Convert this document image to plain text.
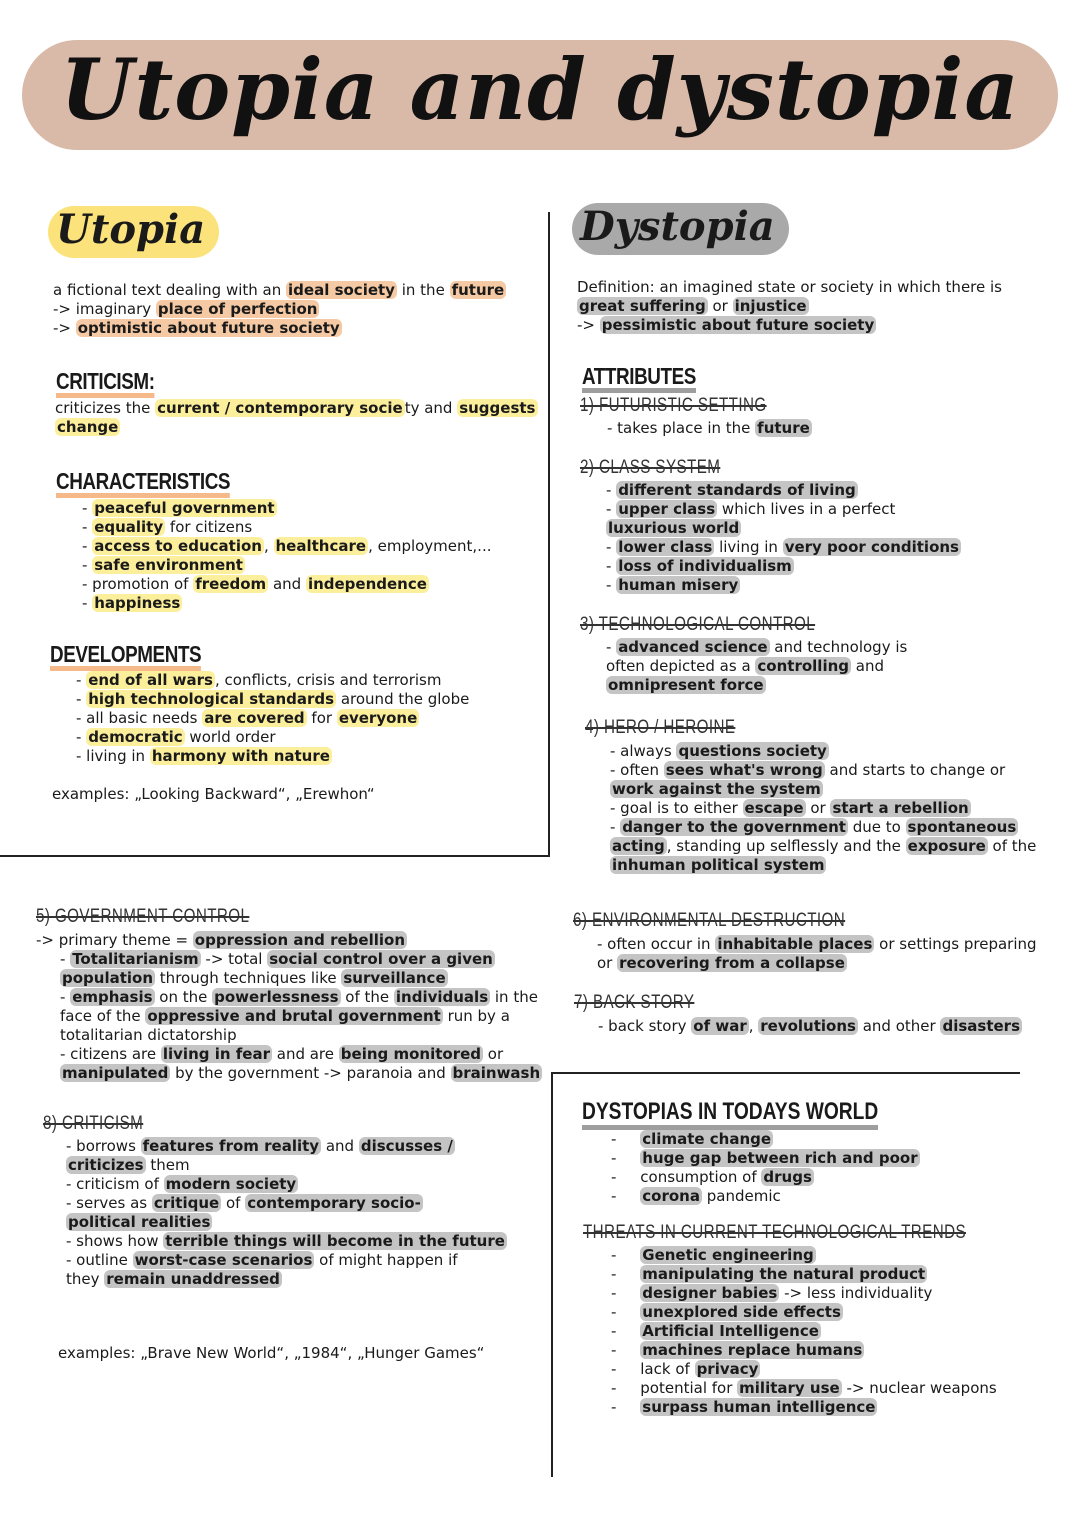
Utopia and dystopia
Utopia
a fictional text dealing with an ideal society in the future
-> imaginary place of perfection
-> optimistic about future society
CRITICISM:
criticizes the current / contemporary socie ty and suggests
change
CHARACTERISTICS
- peaceful government
- equality for citizens
- access to education , healthcare , employment,...
- safe environment
- promotion of freedom and independence
- happiness
DEVELOPMENTS
- end of all wars , conflicts, crisis and terrorism
- high technological standards around the globe
- all basic needs are covered for everyone
- democratic world order
- living in harmony with nature
examples: „Looking Backward“, „Erewhon“
Dystopia
Definition: an imagined state or society in which there is
great suffering or injustice
-> pessimistic about future society
ATTRIBUTES
1) FUTURISTIC SETTING
- takes place in the future
2) CLASS SYSTEM
- different standards of living
- upper class which lives in a perfect
luxurious world
- lower class living in very poor conditions
- loss of individualism
- human misery
3) TECHNOLOGICAL CONTROL
- advanced science and technology is
often depicted as a controlling and
omnipresent force
4) HERO / HEROINE
- always questions society
- often sees what's wrong and starts to change or
work against the system
- goal is to either escape or start a rebellion
- danger to the government due to spontaneous
acting , standing up selflessly and the exposure of the
inhuman political system
5) GOVERNMENT CONTROL
-> primary theme = oppression and rebellion
- Totalitarianism -> total social control over a given
population through techniques like surveillance
- emphasis on the powerlessness of the individuals in the
face of the oppressive and brutal government run by a
totalitarian dictatorship
- citizens are living in fear and are being monitored or
manipulated by the government -> paranoia and brainwash
8) CRITICISM
- borrows features from reality and discusses /
criticizes them
- criticism of modern society
- serves as critique of contemporary socio-
political realities
- shows how terrible things will become in the future
- outline worst-case scenarios of might happen if
they remain unaddressed
examples: „Brave New World“, „1984“, „Hunger Games“
6) ENVIRONMENTAL DESTRUCTION
- often occur in inhabitable places or settings preparing
or recovering from a collapse
7) BACK STORY
- back story of war , revolutions and other disasters
DYSTOPIAS IN TODAYS WORLD
-     climate change
-     huge gap between rich and poor
-     consumption of drugs
-     corona pandemic
THREATS IN CURRENT TECHNOLOGICAL TRENDS
-     Genetic engineering
-     manipulating the natural product
-     designer babies -> less individuality
-     unexplored side effects
-     Artificial Intelligence
-     machines replace humans
-     lack of privacy
-     potential for military use -> nuclear weapons
-     surpass human intelligence
